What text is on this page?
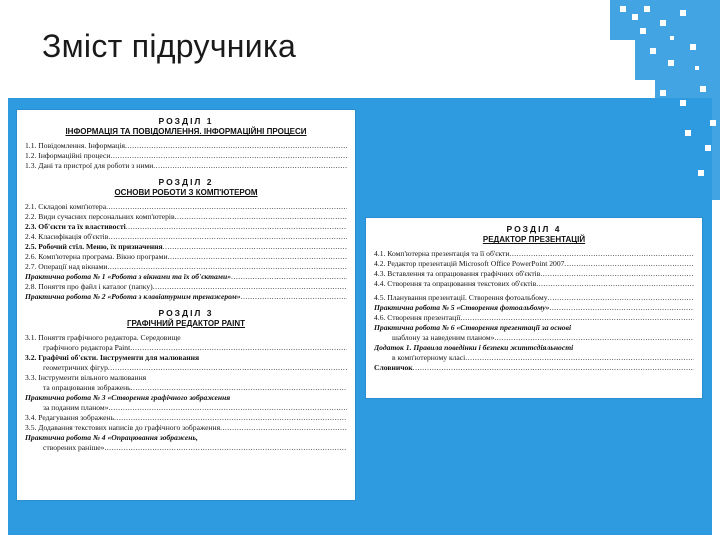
Зміст підручника
РОЗДІЛ 1
ІНФОРМАЦІЯ ТА ПОВІДОМЛЕННЯ. ІНФОРМАЦІЙНІ ПРОЦЕСИ
1.1. Повідомлення. Інформація
.....
1.2. Інформаційні процеси
.....
1.3. Дані та пристрої для роботи з ними
.....
РОЗДІЛ 2
ОСНОВИ РОБОТИ З КОМП'ЮТЕРОМ
2.1. Складові комп'ютера
.....
2.2. Види сучасних персональних комп'ютерів
.....
2.3. Об'єкти та їх властивості
.....
2.4. Класифікація об'єктів
.....
2.5. Робочий стіл. Меню, їх призначення
.....
2.6. Комп'ютерна програма. Вікно програми
.....
2.7. Операції над вікнами
.....
Практична робота № 1 «Робота з вікнами та їх об'єктами»
.....
2.8. Поняття про файл і каталог (папку)
.....
Практична робота № 2 «Робота з клавіатурним тренажером»
.....
РОЗДІЛ 3
ГРАФІЧНИЙ РЕДАКТОР PAINT
3.1. Поняття графічного редактора. Середовище
графічного редактора Paint
.....
3.2. Графічні об'єкти. Інструменти для малювання
геометричних фігур
.....
3.3. Інструменти вільного малювання
та опрацювання зображень
.....
Практична робота № 3 «Створення графічного зображення
за поданим планом»
.....
3.4. Редагування зображень
.....
3.5. Додавання текстових написів до графічного зображення
.....
Практична робота № 4 «Опрацювання зображень,
створених раніше»
.....
РОЗДІЛ 4
РЕДАКТОР ПРЕЗЕНТАЦІЙ
4.1. Комп'ютерна презентація та її об'єкти
.....
4.2. Редактор презентацій Microsoft Office PowerPoint 2007
.....
4.3. Вставлення та опрацювання графічних об'єктів
.....
4.4. Створення та опрацювання текстових об'єктів
.....
4.5. Планування презентації. Створення фотоальбому
.....
Практична робота № 5 «Створення фотоальбому»
.....
4.6. Створення презентації
.....
Практична робота № 6 «Створення презентації за основі
шаблону за наведеним планом»
.....
Додаток 1. Правила поведінки і безпеки життєдіяльності
в комп'ютерному класі
.....
Словничок
.....
